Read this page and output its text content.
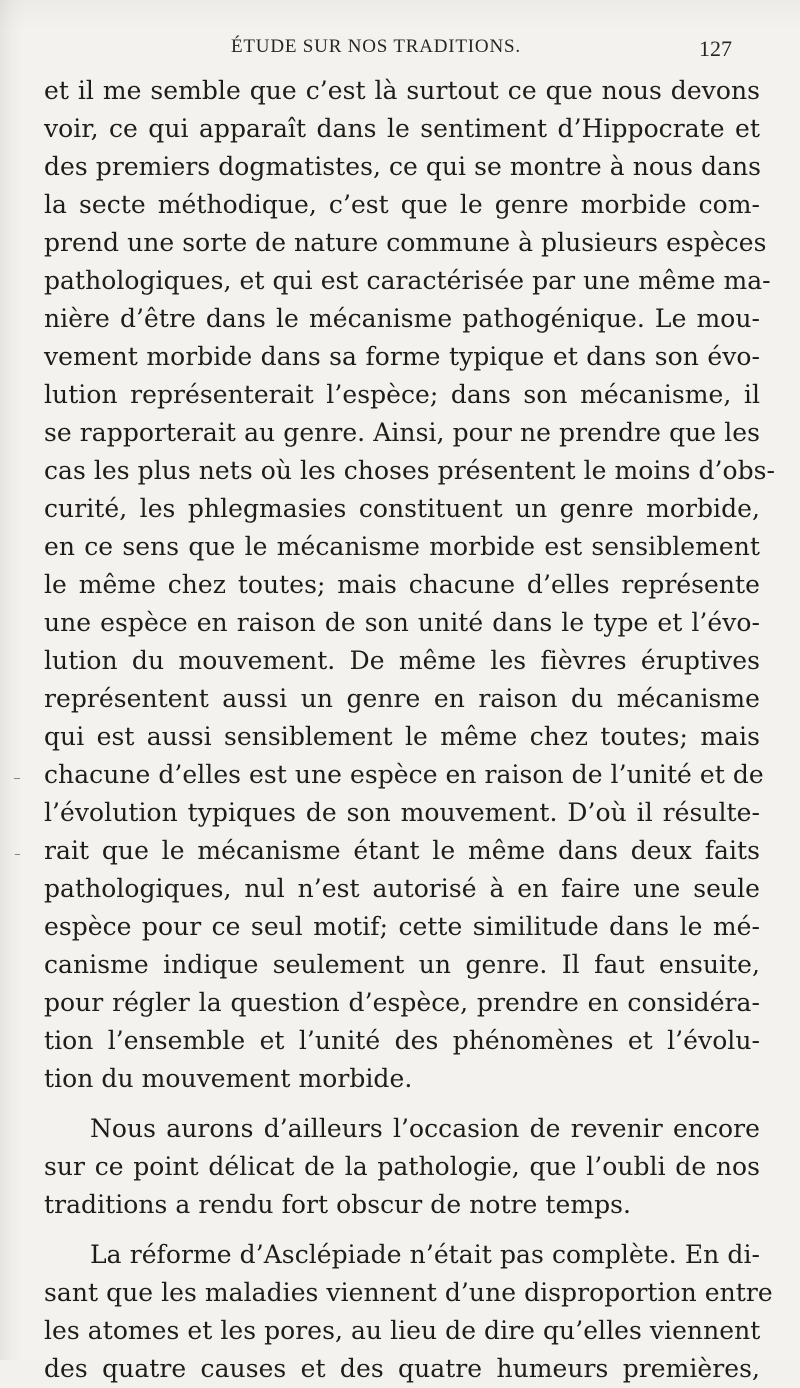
ÉTUDE SUR NOS TRADITIONS.	127
et il me semble que c’est là surtout ce que nous devons
voir, ce qui apparaît dans le sentiment d’Hippocrate et
des premiers dogmatistes, ce qui se montre à nous dans
la secte méthodique, c’est que le genre morbide com-
prend une sorte de nature commune à plusieurs espèces
pathologiques, et qui est caractérisée par une même ma-
nière d’être dans le mécanisme pathogénique. Le mou-
vement morbide dans sa forme typique et dans son évo-
lution représenterait l’espèce; dans son mécanisme, il
se rapporterait au genre. Ainsi, pour ne prendre que les
cas les plus nets où les choses présentent le moins d’obs-
curité, les phlegmasies constituent un genre morbide,
en ce sens que le mécanisme morbide est sensiblement
le même chez toutes; mais chacune d’elles représente
une espèce en raison de son unité dans le type et l’évo-
lution du mouvement. De même les fièvres éruptives
représentent aussi un genre en raison du mécanisme
qui est aussi sensiblement le même chez toutes; mais
chacune d’elles est une espèce en raison de l’unité et de
l’évolution typiques de son mouvement. D’où il résulte-
rait que le mécanisme étant le même dans deux faits
pathologiques, nul n’est autorisé à en faire une seule
espèce pour ce seul motif; cette similitude dans le mé-
canisme indique seulement un genre. Il faut ensuite,
pour régler la question d’espèce, prendre en considéra-
tion l’ensemble et l’unité des phénomènes et l’évolu-
tion du mouvement morbide.
Nous aurons d’ailleurs l’occasion de revenir encore
sur ce point délicat de la pathologie, que l’oubli de nos
traditions a rendu fort obscur de notre temps.
La réforme d’Asclépiade n’était pas complète. En di-
sant que les maladies viennent d’une disproportion entre
les atomes et les pores, au lieu de dire qu’elles viennent
des quatre causes et des quatre humeurs premières,
